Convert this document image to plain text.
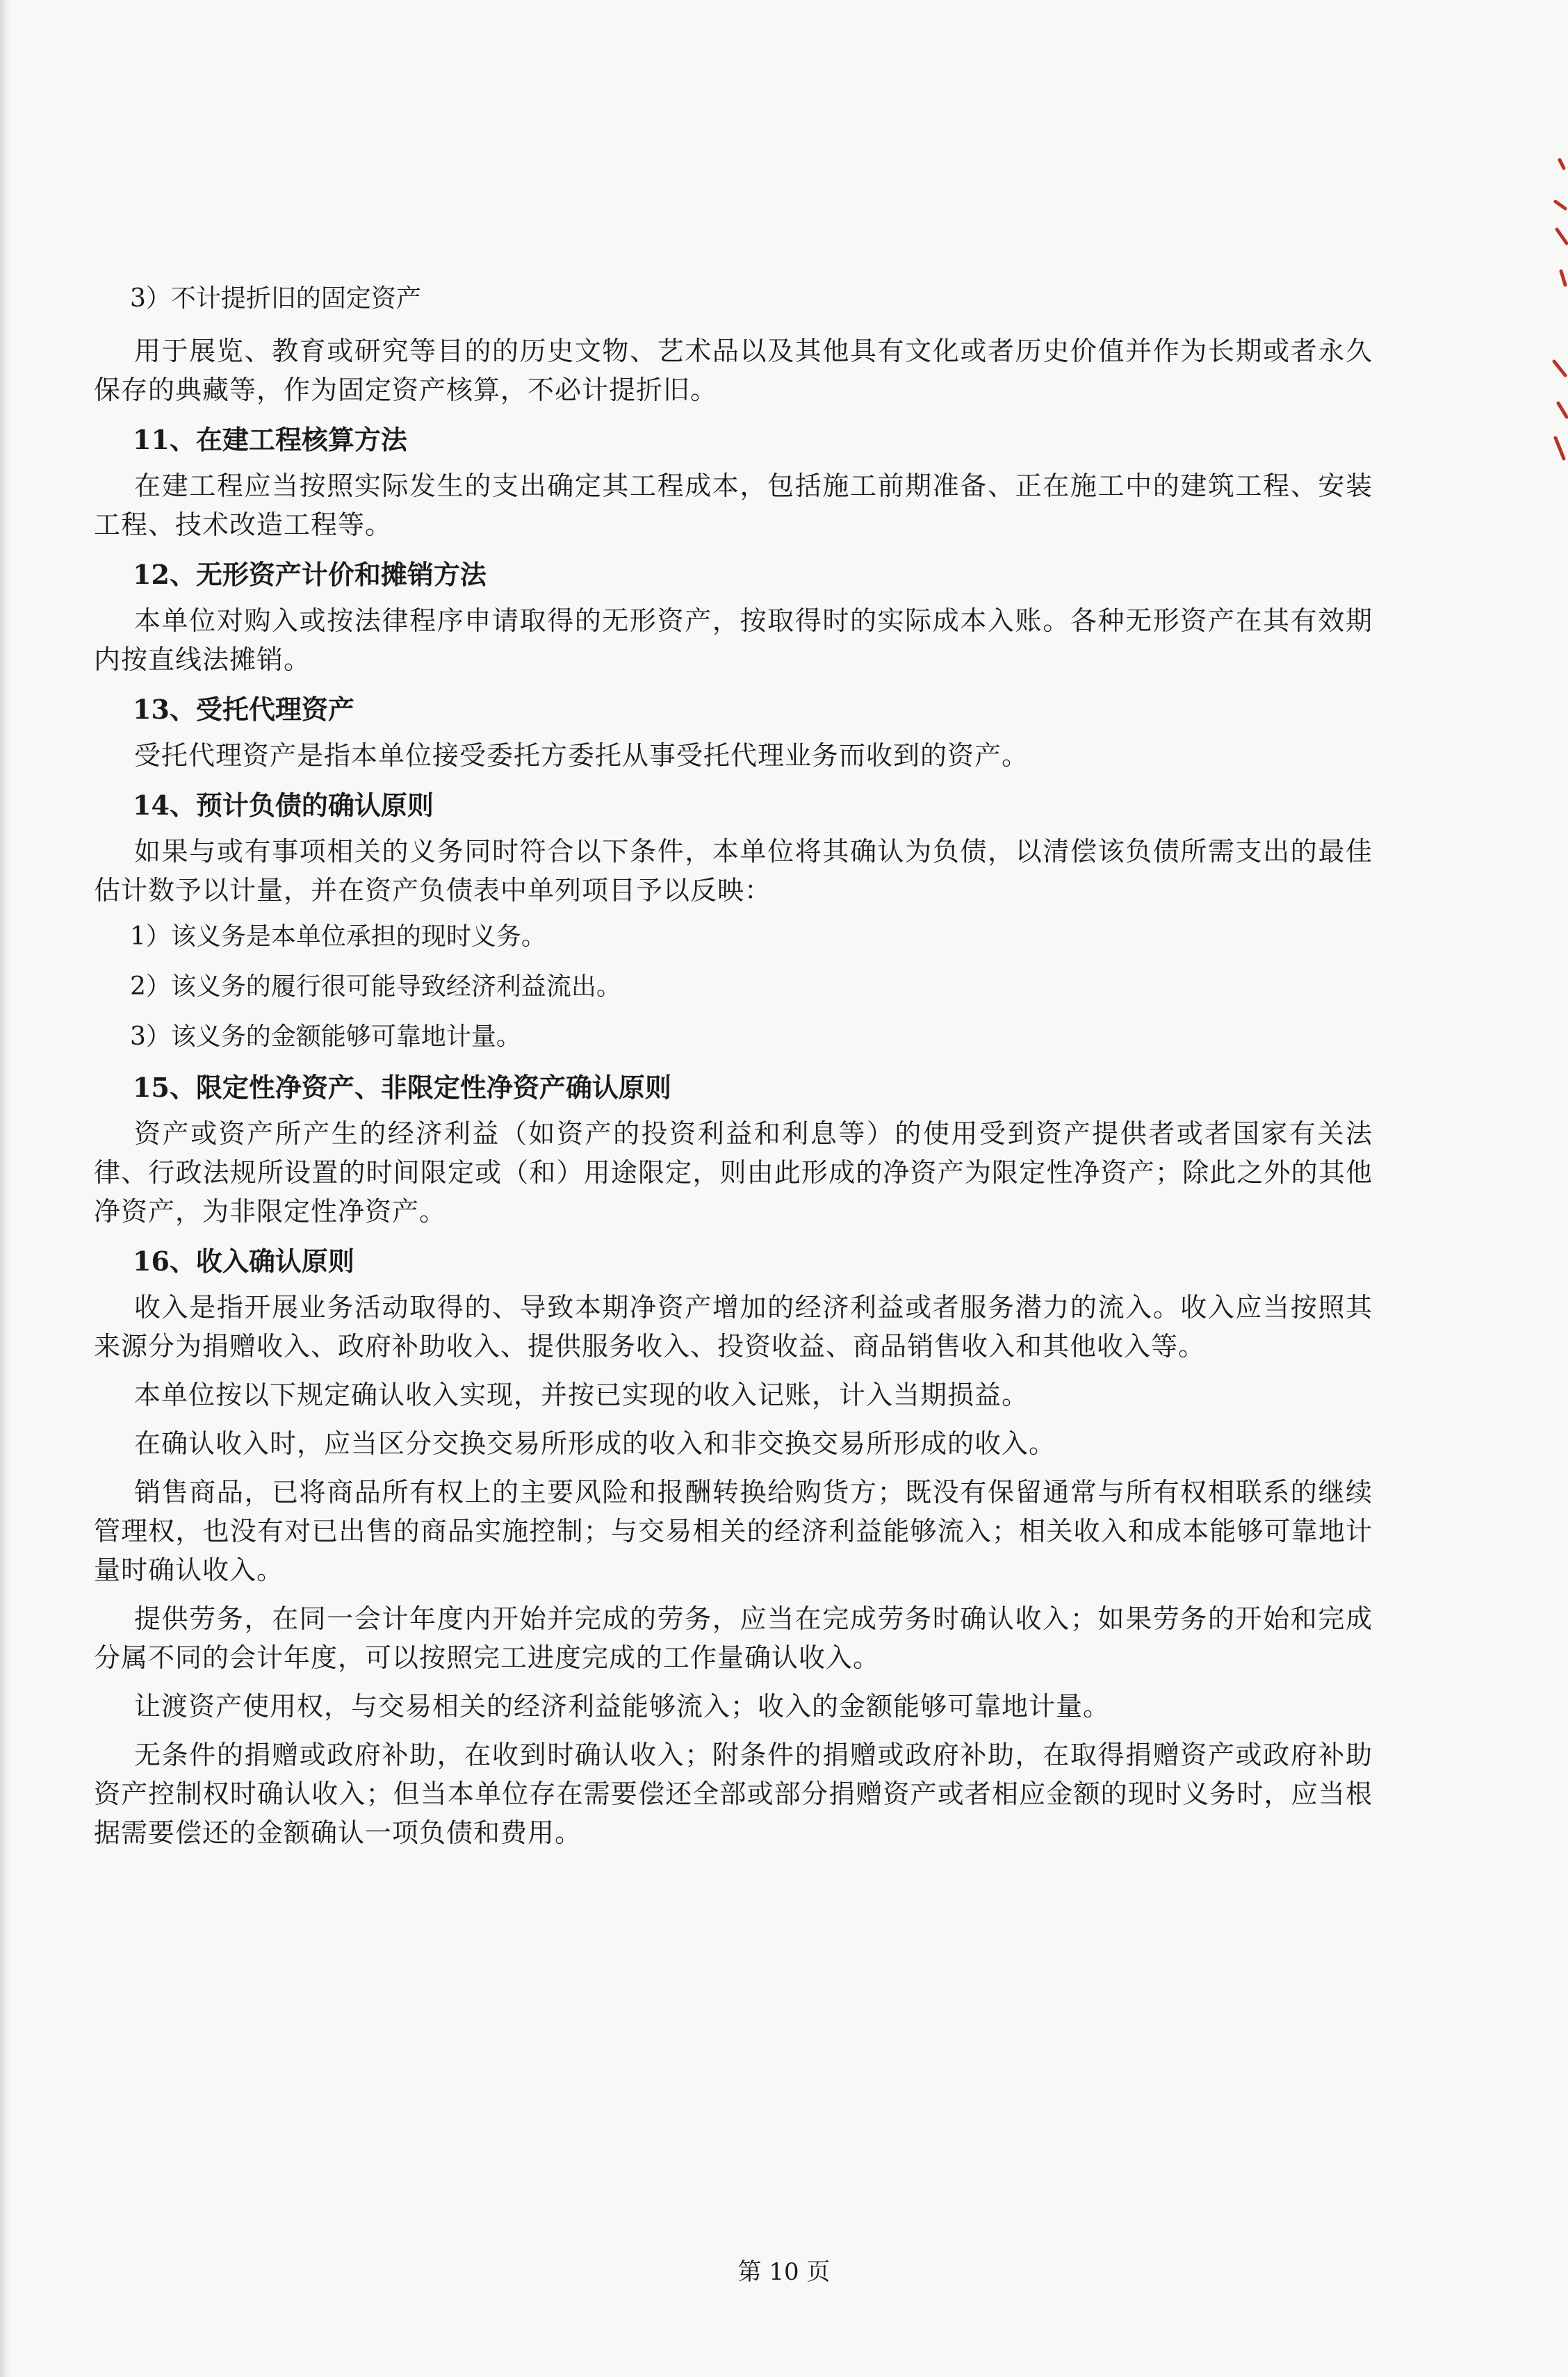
3）不计提折旧的固定资产
用于展览、教育或研究等目的的历史文物、艺术品以及其他具有文化或者历史价值并作为长期或者永久保存的典藏等，作为固定资产核算，不必计提折旧。
11、在建工程核算方法
在建工程应当按照实际发生的支出确定其工程成本，包括施工前期准备、正在施工中的建筑工程、安装工程、技术改造工程等。
12、无形资产计价和摊销方法
本单位对购入或按法律程序申请取得的无形资产，按取得时的实际成本入账。各种无形资产在其有效期内按直线法摊销。
13、受托代理资产
受托代理资产是指本单位接受委托方委托从事受托代理业务而收到的资产。
14、预计负债的确认原则
如果与或有事项相关的义务同时符合以下条件，本单位将其确认为负债，以清偿该负债所需支出的最佳估计数予以计量，并在资产负债表中单列项目予以反映：
1）该义务是本单位承担的现时义务。
2）该义务的履行很可能导致经济利益流出。
3）该义务的金额能够可靠地计量。
15、限定性净资产、非限定性净资产确认原则
资产或资产所产生的经济利益（如资产的投资利益和利息等）的使用受到资产提供者或者国家有关法律、行政法规所设置的时间限定或（和）用途限定，则由此形成的净资产为限定性净资产；除此之外的其他净资产，为非限定性净资产。
16、收入确认原则
收入是指开展业务活动取得的、导致本期净资产增加的经济利益或者服务潜力的流入。收入应当按照其来源分为捐赠收入、政府补助收入、提供服务收入、投资收益、商品销售收入和其他收入等。
本单位按以下规定确认收入实现，并按已实现的收入记账，计入当期损益。
在确认收入时，应当区分交换交易所形成的收入和非交换交易所形成的收入。
销售商品，已将商品所有权上的主要风险和报酬转换给购货方；既没有保留通常与所有权相联系的继续管理权，也没有对已出售的商品实施控制；与交易相关的经济利益能够流入；相关收入和成本能够可靠地计量时确认收入。
提供劳务，在同一会计年度内开始并完成的劳务，应当在完成劳务时确认收入；如果劳务的开始和完成分属不同的会计年度，可以按照完工进度完成的工作量确认收入。
让渡资产使用权，与交易相关的经济利益能够流入；收入的金额能够可靠地计量。
无条件的捐赠或政府补助，在收到时确认收入；附条件的捐赠或政府补助，在取得捐赠资产或政府补助资产控制权时确认收入；但当本单位存在需要偿还全部或部分捐赠资产或者相应金额的现时义务时，应当根据需要偿还的金额确认一项负债和费用。
第 10 页
